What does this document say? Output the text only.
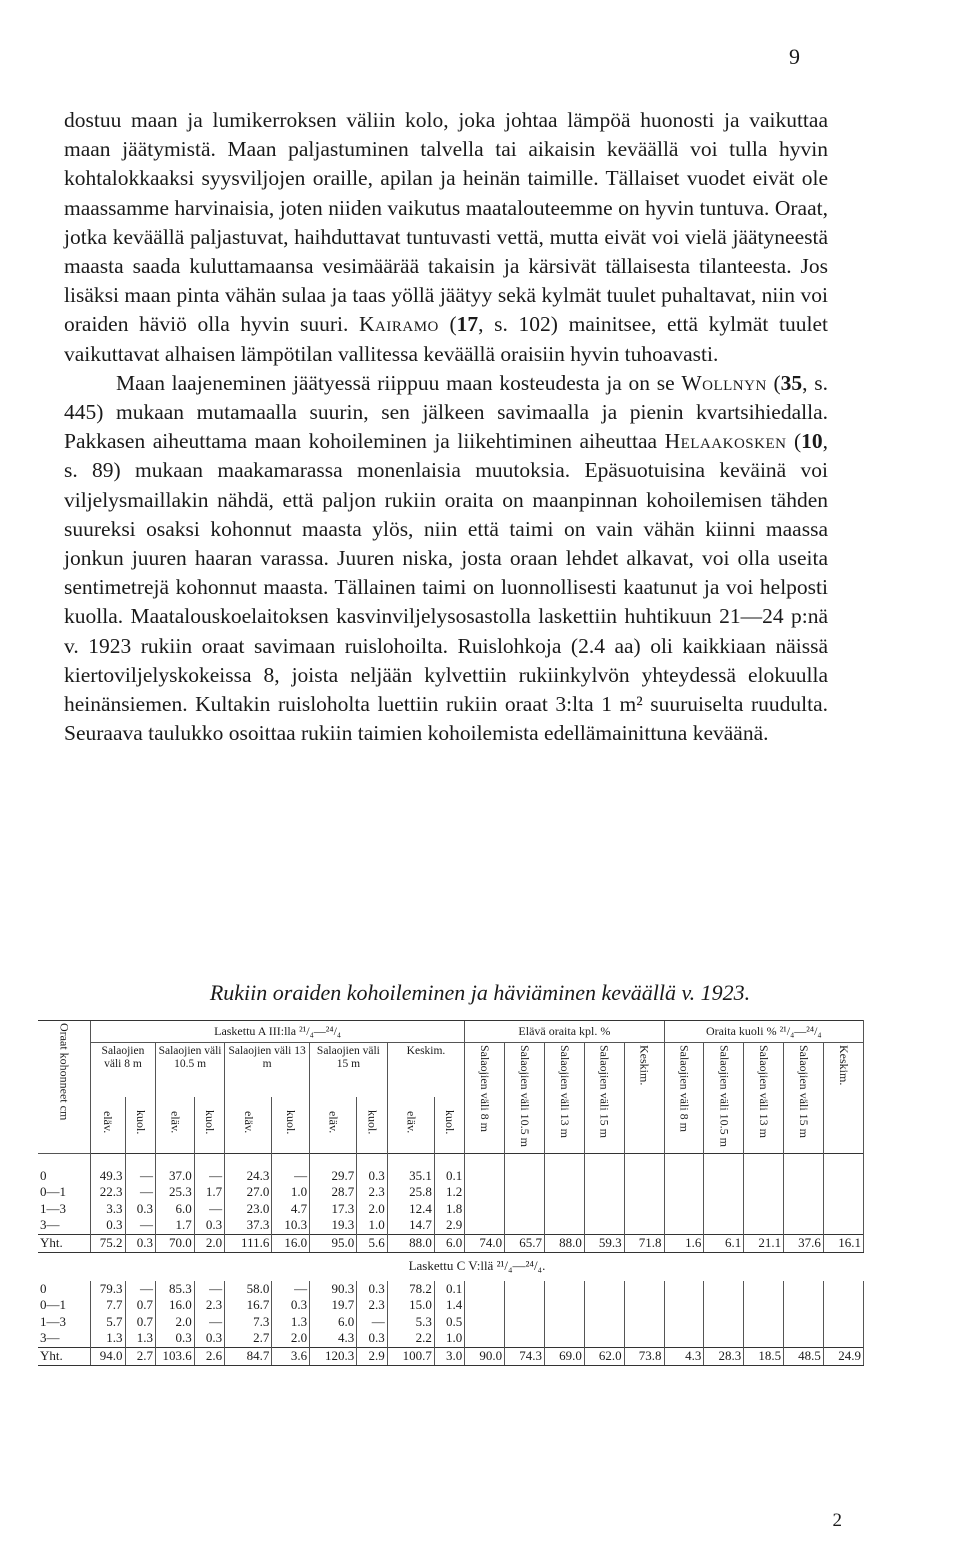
9

dostuu maan ja lumikerroksen väliin kolo, joka johtaa lämpöä huonosti ja vaikuttaa maan jäätymistä. Maan paljastuminen talvella tai aikaisin keväällä voi tulla hyvin kohtalokkaaksi syysviljojen oraille, apilan ja heinän taimille. Tällaiset vuodet eivät ole maassamme harvinaisia, joten niiden vaikutus maatalouteemme on hyvin tuntuva. Oraat, jotka keväällä paljastuvat, haihduttavat tuntuvasti vettä, mutta eivät voi vielä jäätyneestä maasta saada kuluttamaansa vesimäärää takaisin ja kärsivät tällaisesta tilanteesta. Jos lisäksi maan pinta vähän sulaa ja taas yöllä jäätyy sekä kylmät tuulet puhaltavat, niin voi oraiden häviö olla hyvin suuri. Kairamo (17, s. 102) mainitsee, että kylmät tuulet vaikuttavat alhaisen lämpötilan vallitessa keväällä oraisiin hyvin tuhoavasti.

Maan laajeneminen jäätyessä riippuu maan kosteudesta ja on se Wollnyn (35, s. 445) mukaan mutamaalla suurin, sen jälkeen savimaalla ja pienin kvartsihiedalla. Pakkasen aiheuttama maan kohoileminen ja liikehtiminen aiheuttaa Helaakosken (10, s. 89) mukaan maakamarassa monenlaisia muutoksia. Epäsuotuisina keväinä voi viljelysmaillakin nähdä, että paljon rukiin oraita on maanpinnan kohoilemisen tähden suureksi osaksi kohonnut maasta ylös, niin että taimi on vain vähän kiinni maassa jonkun juuren haaran varassa. Juuren niska, josta oraan lehdet alkavat, voi olla useita sentimetrejä kohonnut maasta. Tällainen taimi on luonnollisesti kaatunut ja voi helposti kuolla. Maatalouskoelaitoksen kasvinviljelysosastolla laskettiin huhtikuun 21—24 p:nä v. 1923 rukiin oraat savimaan ruislohoilta. Ruislohkoja (2.4 aa) oli kaikkiaan näissä kiertoviljelyskokeissa 8, joista neljään kylvettiin rukiinkylvön yhteydessä elokuulla heinänsiemen. Kultakin ruisloholta luettiin rukiin oraat 3:lta 1 m² suuruiselta ruudulta. Seuraava taulukko osoittaa rukiin taimien kohoilemista edellämainittuna keväänä.

Rukiin oraiden kohoileminen ja häviäminen keväällä v. 1923.
Oraat kohonneet cm	Laskettu A III:lla ²¹/₄—²⁴/₄										Elävä oraita kpl. %					Oraita kuoli % ²¹/₄—²⁴/₄				
	Salaojien väli 8 m		Salaojien väli 10.5 m		Salaojien väli 13 m		Salaojien väli 15 m		Keskim.		Salaojien väli 8 m	Salaojien väli 10.5 m	Salaojien väli 13 m	Salaojien väli 15 m	Keskim.	Salaojien väli 8 m	Salaojien väli 10.5 m	Salaojien väli 13 m	Salaojien väli 15 m	Keskim.
	eläv.	kuol.	eläv.	kuol.	eläv.	kuol.	eläv.	kuol.	eläv.	kuol.										

0	49.3	—	37.0	—	24.3	—	29.7	0.3	35.1	0.1										
0—1	22.3	—	25.3	1.7	27.0	1.0	28.7	2.3	25.8	1.2										
1—3	3.3	0.3	6.0	—	23.0	4.7	17.3	2.0	12.4	1.8										
3—	0.3	—	1.7	0.3	37.3	10.3	19.3	1.0	14.7	2.9										
Yht.	75.2	0.3	70.0	2.0	111.6	16.0	95.0	5.6	88.0	6.0	74.0	65.7	88.0	59.3	71.8	1.6	6.1	21.1	37.6	16.1
	Laskettu C V:llä ²¹/₄—²⁴/₄.																			
0	79.3	—	85.3	—	58.0	—	90.3	0.3	78.2	0.1										
0—1	7.7	0.7	16.0	2.3	16.7	0.3	19.7	2.3	15.0	1.4										
1—3	5.7	0.7	2.0	—	7.3	1.3	6.0	—	5.3	0.5										
3—	1.3	1.3	0.3	0.3	2.7	2.0	4.3	0.3	2.2	1.0										
Yht.	94.0	2.7	103.6	2.6	84.7	3.6	120.3	2.9	100.7	3.0	90.0	74.3	69.0	62.0	73.8	4.3	28.3	18.5	48.5	24.9
2
